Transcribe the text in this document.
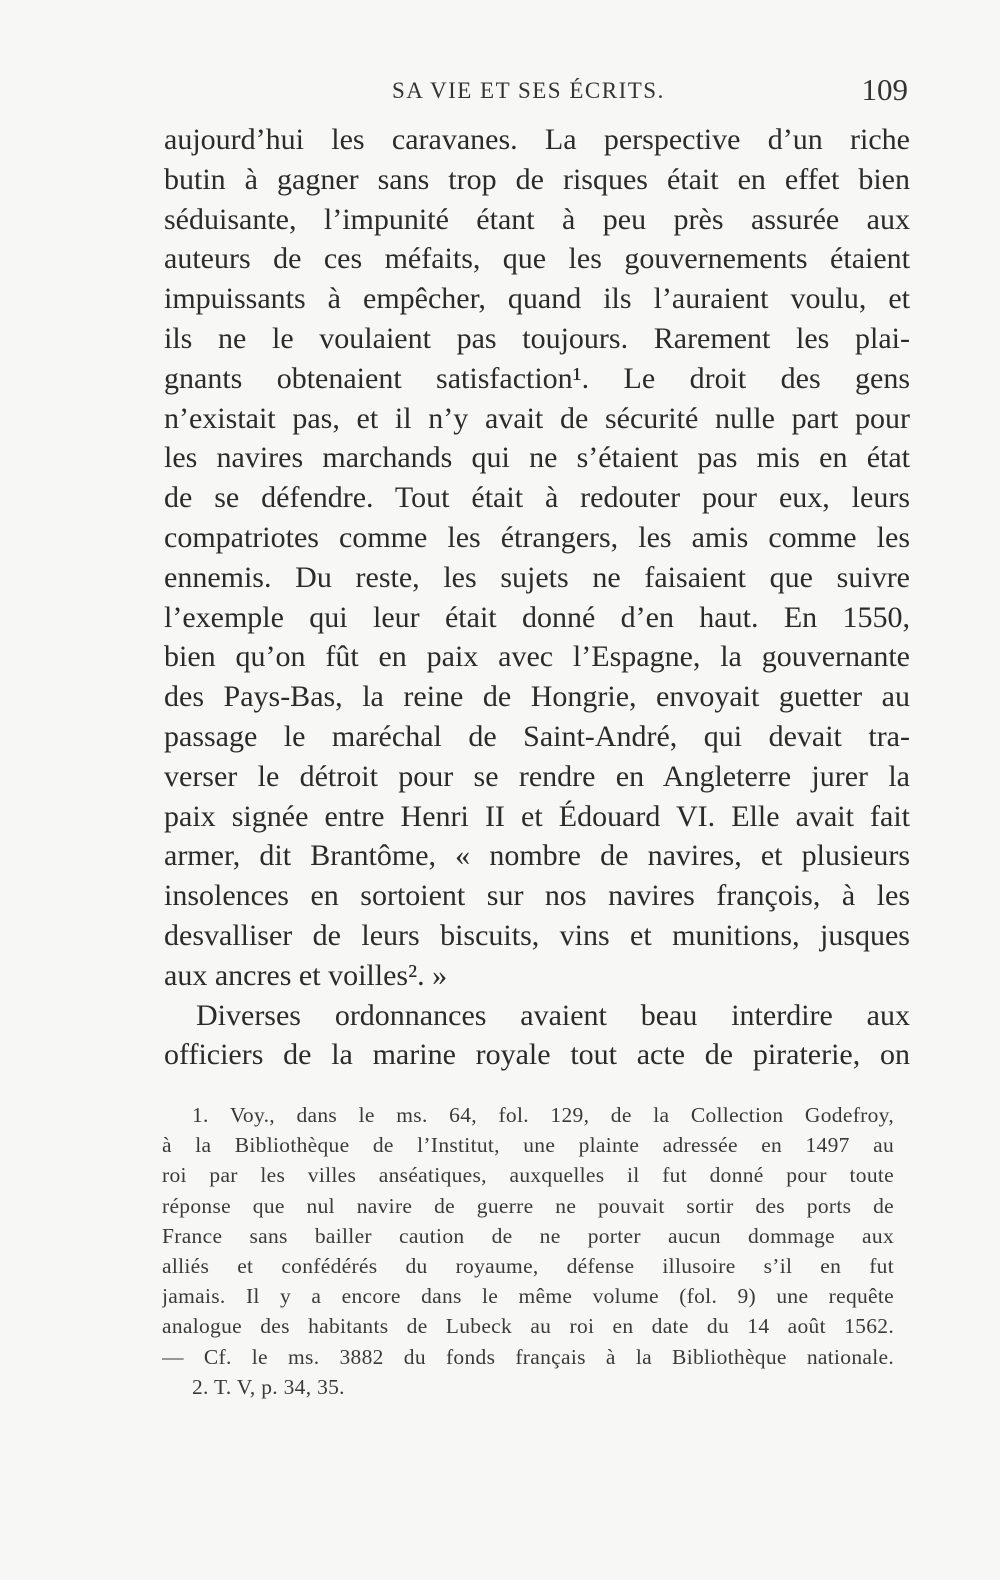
SA VIE ET SES ÉCRITS.	109
aujourd’hui les caravanes. La perspective d’un riche
butin à gagner sans trop de risques était en effet bien
séduisante, l’impunité étant à peu près assurée aux
auteurs de ces méfaits, que les gouvernements étaient
impuissants à empêcher, quand ils l’auraient voulu, et
ils ne le voulaient pas toujours. Rarement les plai-
gnants obtenaient satisfaction¹. Le droit des gens
n’existait pas, et il n’y avait de sécurité nulle part pour
les navires marchands qui ne s’étaient pas mis en état
de se défendre. Tout était à redouter pour eux, leurs
compatriotes comme les étrangers, les amis comme les
ennemis. Du reste, les sujets ne faisaient que suivre
l’exemple qui leur était donné d’en haut. En 1550,
bien qu’on fût en paix avec l’Espagne, la gouvernante
des Pays-Bas, la reine de Hongrie, envoyait guetter au
passage le maréchal de Saint-André, qui devait tra-
verser le détroit pour se rendre en Angleterre jurer la
paix signée entre Henri II et Édouard VI. Elle avait fait
armer, dit Brantôme, « nombre de navires, et plusieurs
insolences en sortoient sur nos navires françois, à les
desvalliser de leurs biscuits, vins et munitions, jusques
aux ancres et voilles². »
Diverses ordonnances avaient beau interdire aux
officiers de la marine royale tout acte de piraterie, on
1. Voy., dans le ms. 64, fol. 129, de la Collection Godefroy,
à la Bibliothèque de l’Institut, une plainte adressée en 1497 au
roi par les villes anséatiques, auxquelles il fut donné pour toute
réponse que nul navire de guerre ne pouvait sortir des ports de
France sans bailler caution de ne porter aucun dommage aux
alliés et confédérés du royaume, défense illusoire s’il en fut
jamais. Il y a encore dans le même volume (fol. 9) une requête
analogue des habitants de Lubeck au roi en date du 14 août 1562.
— Cf. le ms. 3882 du fonds français à la Bibliothèque nationale.
2. T. V, p. 34, 35.
